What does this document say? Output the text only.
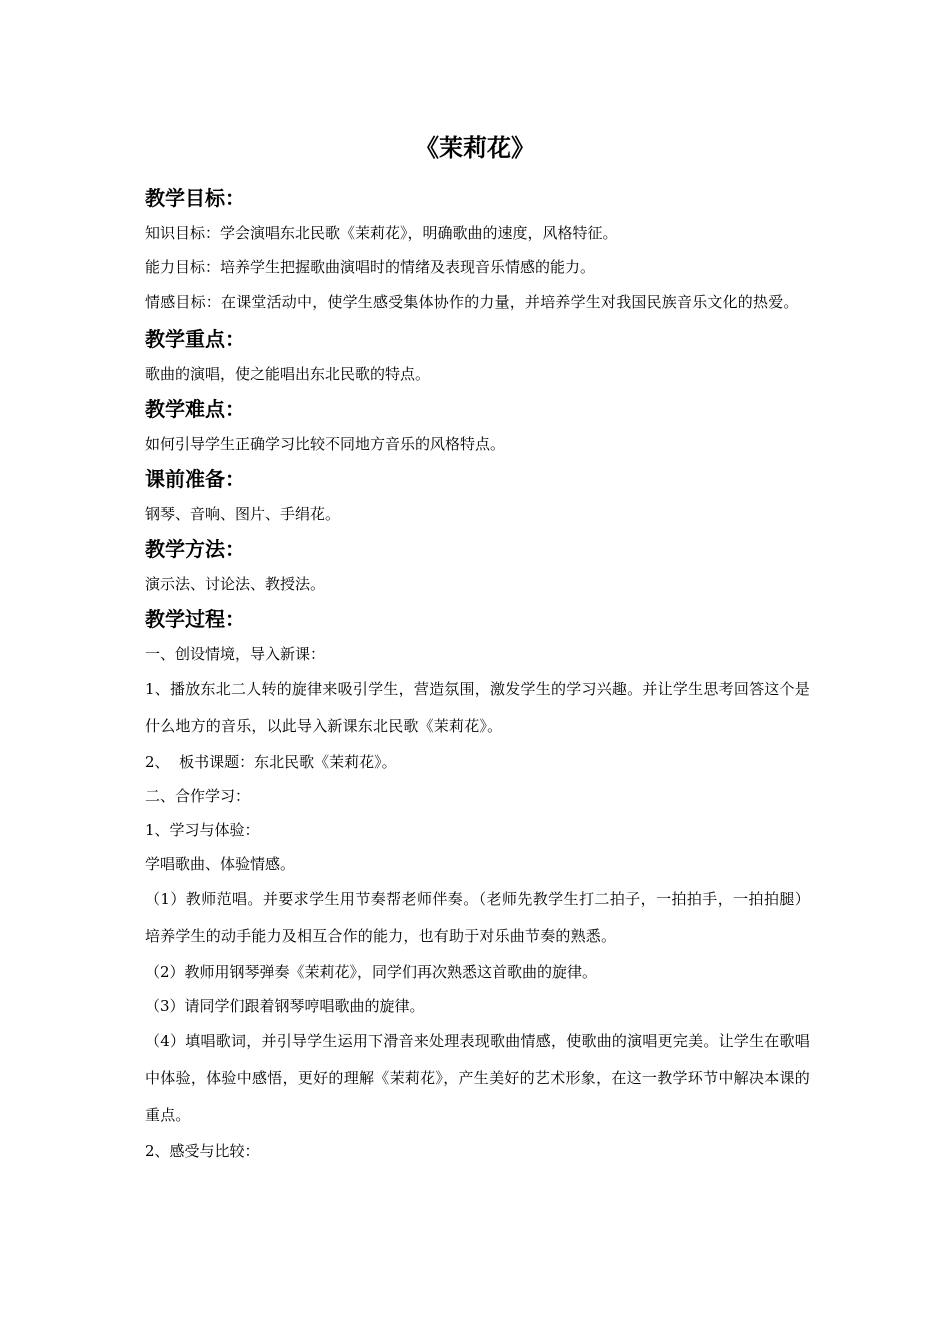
《茉莉花》
教学目标：

知识目标：学会演唱东北民歌《茉莉花》，明确歌曲的速度，风格特征。

能力目标：培养学生把握歌曲演唱时的情绪及表现音乐情感的能力。

情感目标：在课堂活动中，使学生感受集体协作的力量，并培养学生对我国民族音乐文化的热爱。

教学重点：

歌曲的演唱，使之能唱出东北民歌的特点。

教学难点：

如何引导学生正确学习比较不同地方音乐的风格特点。

课前准备：

钢琴、音响、图片、手绢花。

教学方法：

演示法、讨论法、教授法。

教学过程：

一、创设情境，导入新课：

1、播放东北二人转的旋律来吸引学生，营造氛围，激发学生的学习兴趣。并让学生思考回答这个是什么地方的音乐，以此导入新课东北民歌《茉莉花》。

2、  板书课题：东北民歌《茉莉花》。

二、合作学习：

1、学习与体验：

学唱歌曲、体验情感。

（1）教师范唱。并要求学生用节奏帮老师伴奏。（老师先教学生打二拍子，一拍拍手，一拍拍腿）培养学生的动手能力及相互合作的能力，也有助于对乐曲节奏的熟悉。

（2）教师用钢琴弹奏《茉莉花》，同学们再次熟悉这首歌曲的旋律。

（3）请同学们跟着钢琴哼唱歌曲的旋律。

（4）填唱歌词，并引导学生运用下滑音来处理表现歌曲情感，使歌曲的演唱更完美。让学生在歌唱中体验，体验中感悟，更好的理解《茉莉花》，产生美好的艺术形象，在这一教学环节中解决本课的重点。

2、感受与比较：
